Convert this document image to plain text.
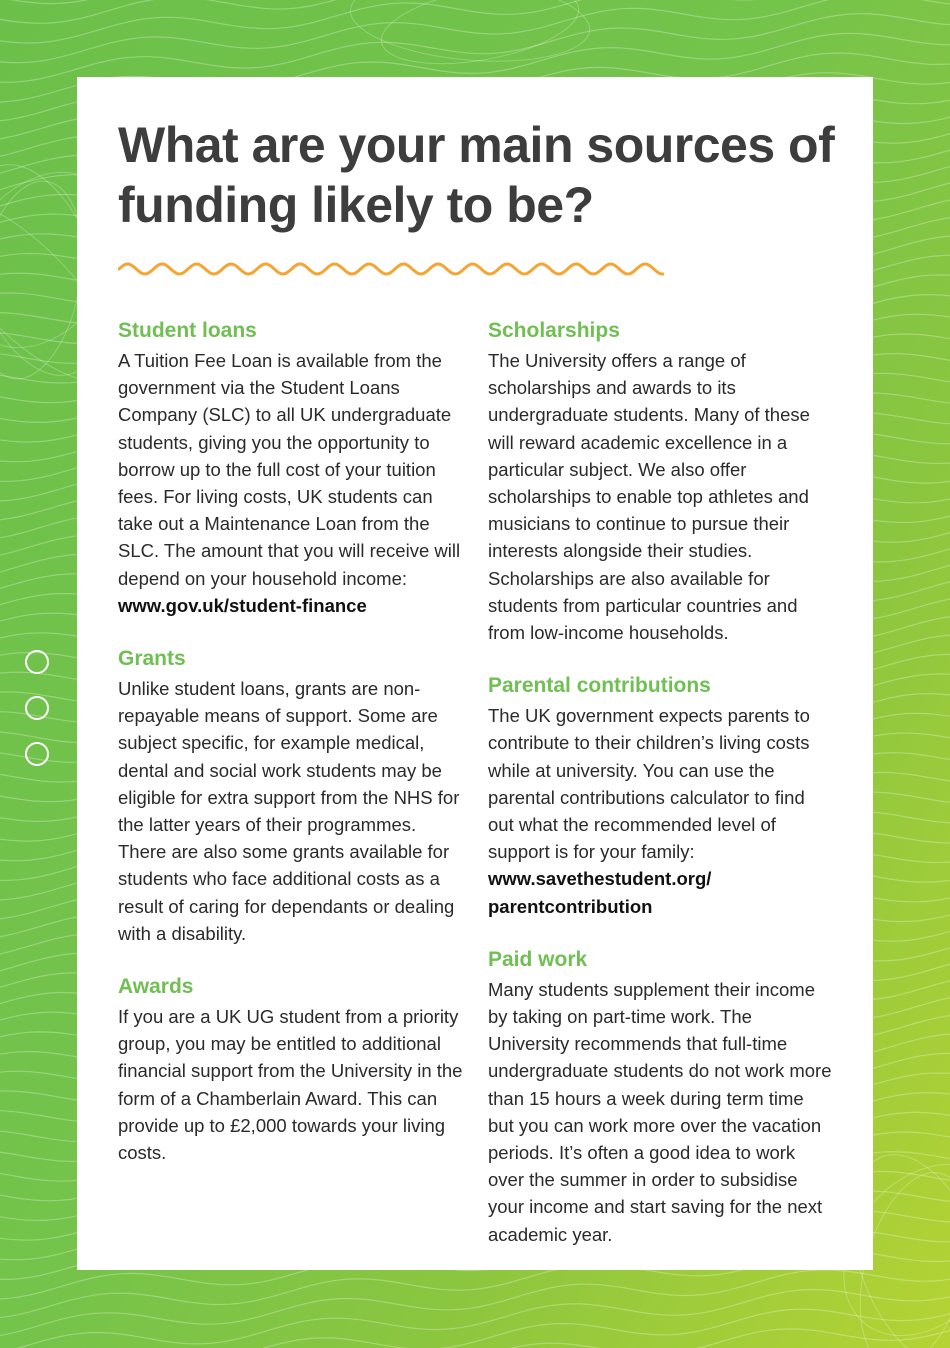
What are your main sources of funding likely to be?
Student loans

A Tuition Fee Loan is available from the government via the Student Loans Company (SLC) to all UK undergraduate students, giving you the opportunity to borrow up to the full cost of your tuition fees. For living costs, UK students can take out a Maintenance Loan from the SLC. The amount that you will receive will depend on your household income:
www.gov.uk/student-finance

Grants

Unlike student loans, grants are non-repayable means of support. Some are subject specific, for example medical, dental and social work students may be eligible for extra support from the NHS for the latter years of their programmes. There are also some grants available for students who face additional costs as a result of caring for dependants or dealing with a disability.

Awards

If you are a UK UG student from a priority group, you may be entitled to additional financial support from the University in the form of a Chamberlain Award. This can provide up to £2,000 towards your living costs.

Scholarships

The University offers a range of scholarships and awards to its undergraduate students. Many of these will reward academic excellence in a particular subject. We also offer scholarships to enable top athletes and musicians to continue to pursue their interests alongside their studies. Scholarships are also available for students from particular countries and from low-income households.

Parental contributions

The UK government expects parents to contribute to their children’s living costs while at university. You can use the parental contributions calculator to find out what the recommended level of support is for your family:
www.savethestudent.org/ parentcontribution

Paid work

Many students supplement their income by taking on part-time work. The University recommends that full-time undergraduate students do not work more than 15 hours a week during term time but you can work more over the vacation periods. It’s often a good idea to work over the summer in order to subsidise your income and start saving for the next academic year.
